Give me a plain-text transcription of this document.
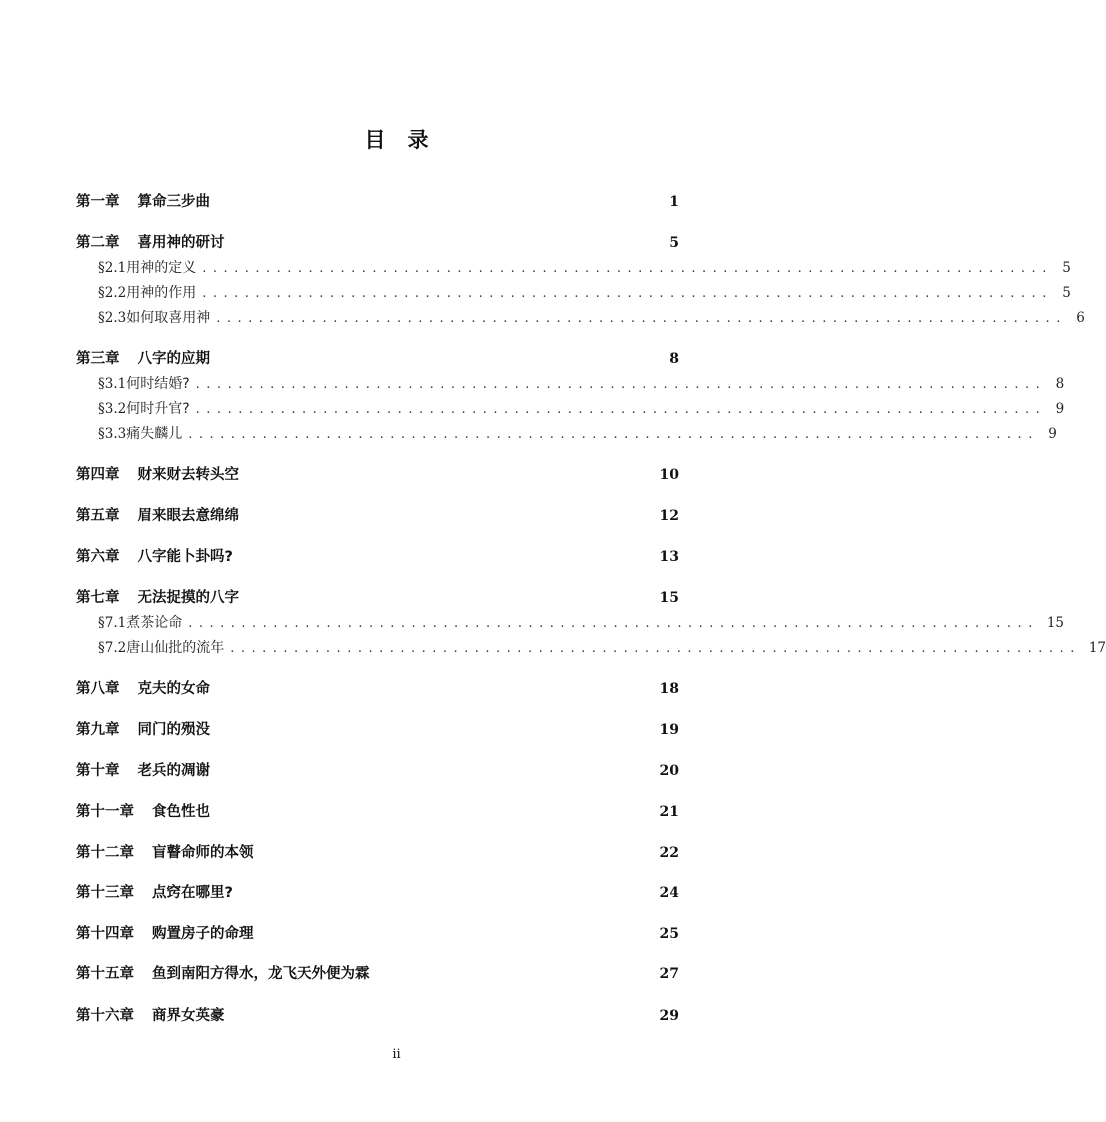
目 录
第一章 算命三步曲	1
第二章 喜用神的研讨	5
§2.1 用神的定义 ................................................................................ 5
§2.2 用神的作用 ................................................................................ 5
§2.3 如何取喜用神 ................................................................................ 6
第三章 八字的应期	8
§3.1 何时结婚? ................................................................................ 8
§3.2 何时升官? ................................................................................ 9
§3.3 痛失麟儿 ................................................................................ 9
第四章 财来财去转头空	10
第五章 眉来眼去意绵绵	12
第六章 八字能卜卦吗?	13
第七章 无法捉摸的八字	15
§7.1 煮茶论命 ................................................................................ 15
§7.2 唐山仙批的流年 ................................................................................ 17
第八章 克夫的女命	18
第九章 同门的殒没	19
第十章 老兵的凋谢	20
第十一章 食色性也	21
第十二章 盲瞽命师的本领	22
第十三章 点窍在哪里?	24
第十四章 购置房子的命理	25
第十五章 鱼到南阳方得水，龙飞天外便为霖	27
第十六章 商界女英豪	29
ii
